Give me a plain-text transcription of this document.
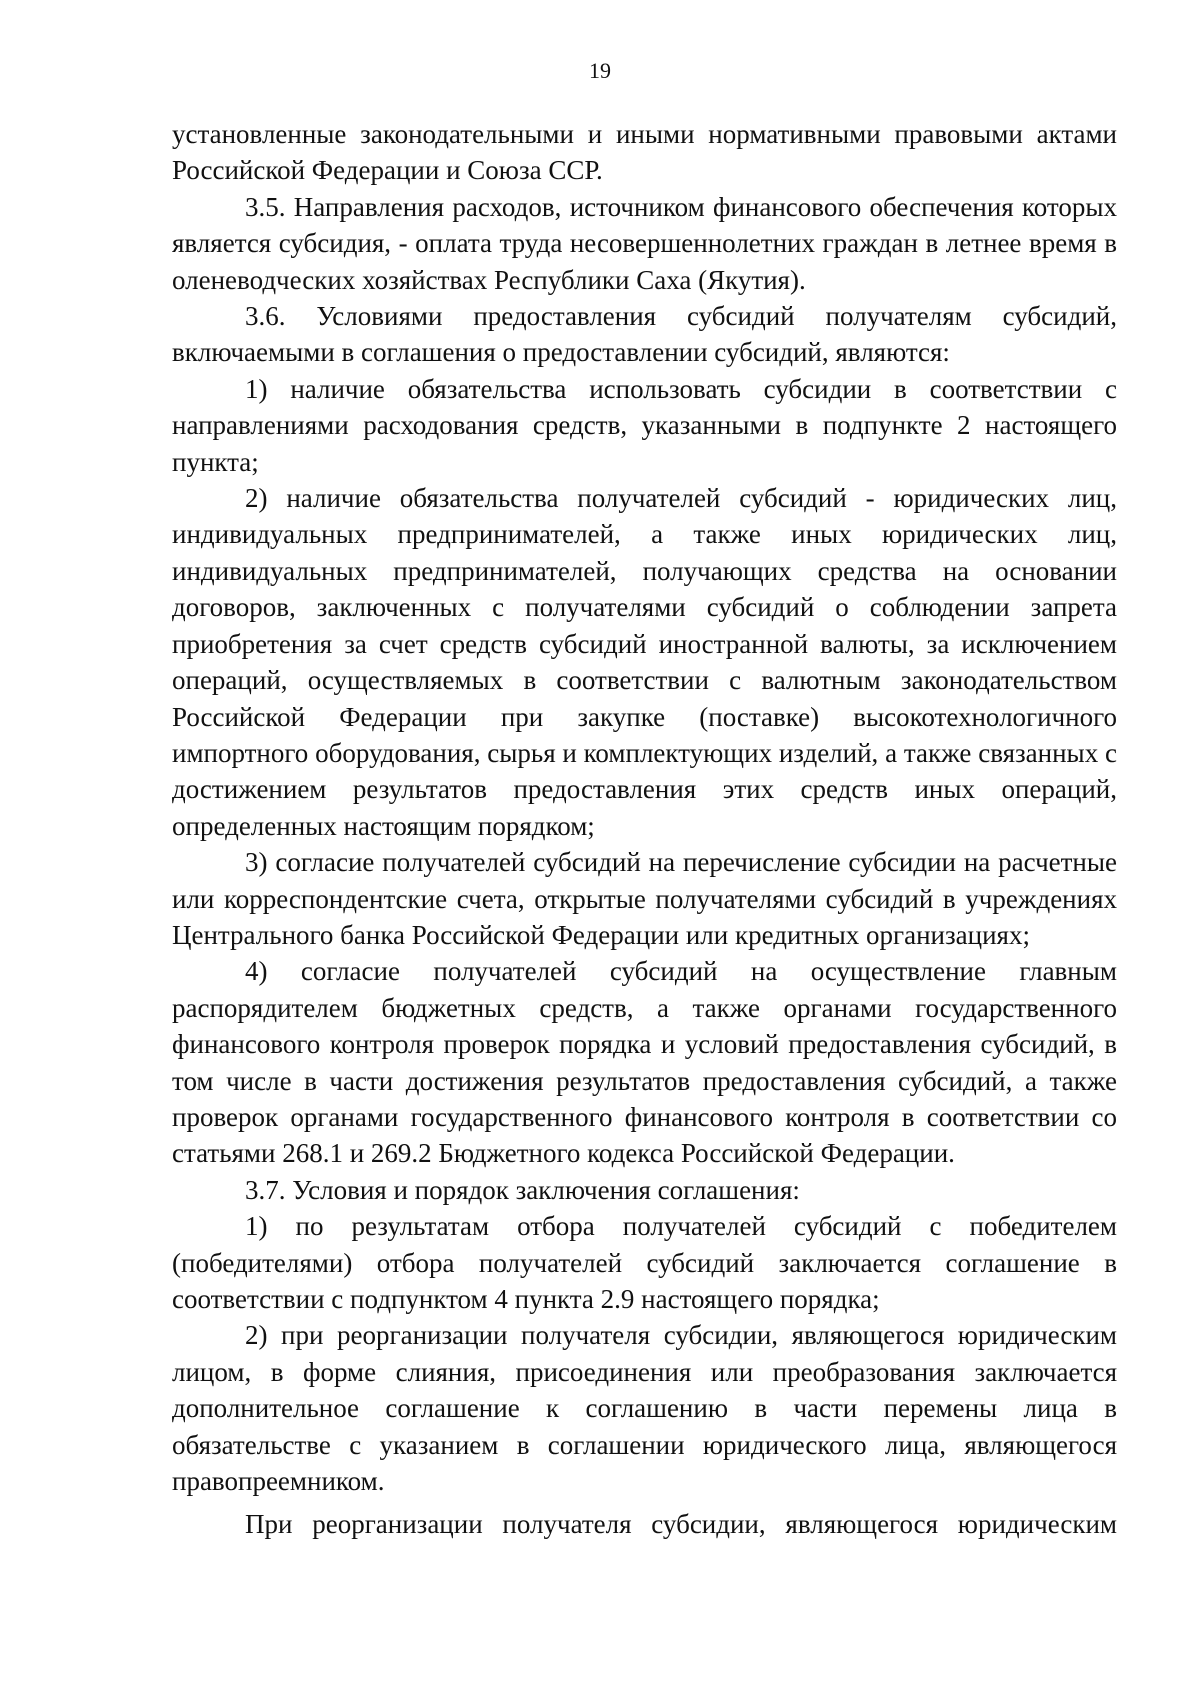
19

установленные законодательными и иными нормативными правовыми актами Российской Федерации и Союза ССР.

3.5. Направления расходов, источником финансового обеспечения которых является субсидия, - оплата труда несовершеннолетних граждан в летнее время в оленеводческих хозяйствах Республики Саха (Якутия).

3.6. Условиями предоставления субсидий получателям субсидий, включаемыми в соглашения о предоставлении субсидий, являются:

1) наличие обязательства использовать субсидии в соответствии с направлениями расходования средств, указанными в подпункте 2 настоящего пункта;

2) наличие обязательства получателей субсидий - юридических лиц, индивидуальных предпринимателей, а также иных юридических лиц, индивидуальных предпринимателей, получающих средства на основании договоров, заключенных с получателями субсидий о соблюдении запрета приобретения за счет средств субсидий иностранной валюты, за исключением операций, осуществляемых в соответствии с валютным законодательством Российской Федерации при закупке (поставке) высокотехнологичного импортного оборудования, сырья и комплектующих изделий, а также связанных с достижением результатов предоставления этих средств иных операций, определенных настоящим порядком;

3) согласие получателей субсидий на перечисление субсидии на расчетные или корреспондентские счета, открытые получателями субсидий в учреждениях Центрального банка Российской Федерации или кредитных организациях;

4) согласие получателей субсидий на осуществление главным распорядителем бюджетных средств, а также органами государственного финансового контроля проверок порядка и условий предоставления субсидий, в том числе в части достижения результатов предоставления субсидий, а также проверок органами государственного финансового контроля в соответствии со статьями 268.1 и 269.2 Бюджетного кодекса Российской Федерации.

3.7. Условия и порядок заключения соглашения:

1) по результатам отбора получателей субсидий с победителем (победителями) отбора получателей субсидий заключается соглашение в соответствии с подпунктом 4 пункта 2.9 настоящего порядка;

2) при реорганизации получателя субсидии, являющегося юридическим лицом, в форме слияния, присоединения или преобразования заключается дополнительное соглашение к соглашению в части перемены лица в обязательстве с указанием в соглашении юридического лица, являющегося правопреемником.

При реорганизации получателя субсидии, являющегося юридическим
